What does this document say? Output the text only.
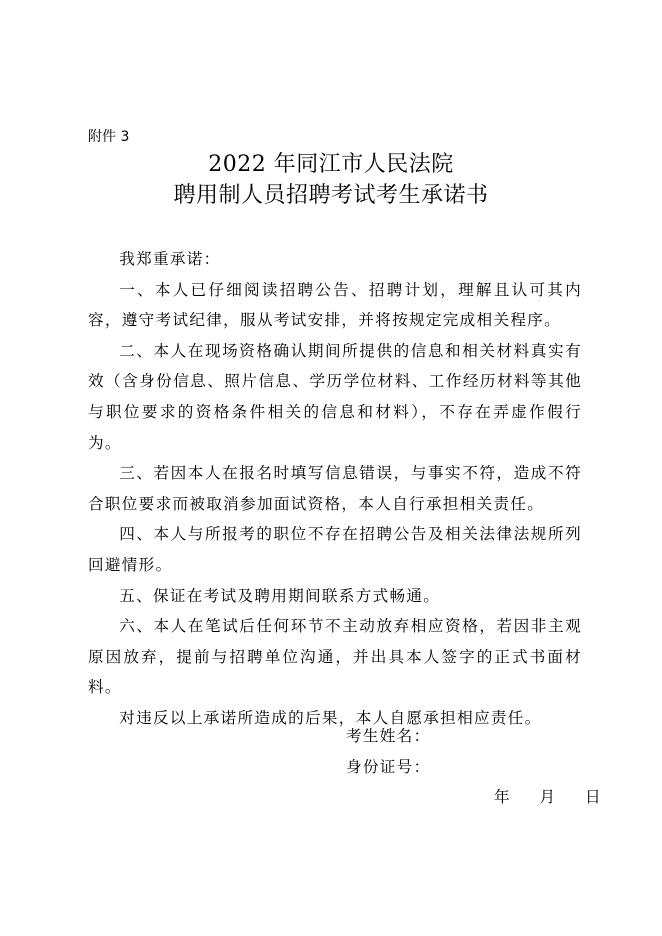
附件 3
2022 年同江市人民法院
聘用制人员招聘考试考生承诺书

我郑重承诺：

一、本人已仔细阅读招聘公告、招聘计划，理解且认可其内容，遵守考试纪律，服从考试安排，并将按规定完成相关程序。

二、本人在现场资格确认期间所提供的信息和相关材料真实有效（含身份信息、照片信息、学历学位材料、工作经历材料等其他与职位要求的资格条件相关的信息和材料），不存在弄虚作假行为。

三、若因本人在报名时填写信息错误，与事实不符，造成不符合职位要求而被取消参加面试资格，本人自行承担相关责任。

四、本人与所报考的职位不存在招聘公告及相关法律法规所列回避情形。

五、保证在考试及聘用期间联系方式畅通。

六、本人在笔试后任何环节不主动放弃相应资格，若因非主观原因放弃，提前与招聘单位沟通，并出具本人签字的正式书面材料。

对违反以上承诺所造成的后果，本人自愿承担相应责任。

考生姓名：
身份证号：
年  月  日
